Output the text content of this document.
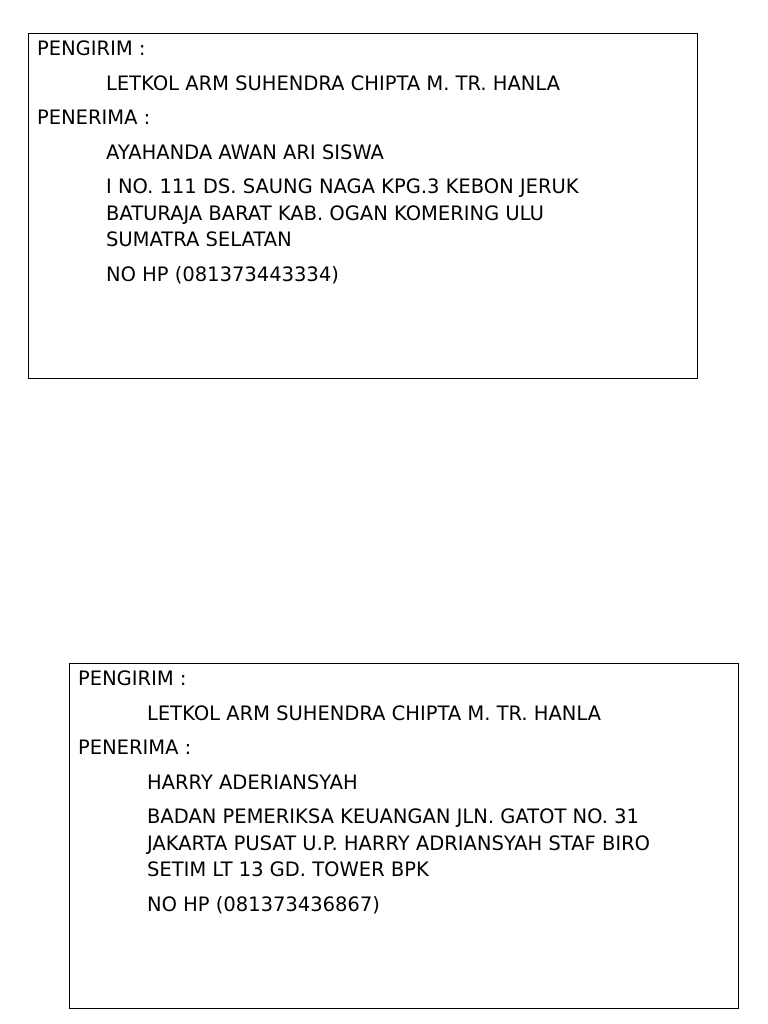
PENGIRIM :
LETKOL ARM SUHENDRA CHIPTA M. TR. HANLA
PENERIMA :
AYAHANDA AWAN ARI SISWA
I NO. 111 DS. SAUNG NAGA KPG.3 KEBON JERUK
BATURAJA BARAT KAB. OGAN KOMERING ULU
SUMATRA SELATAN
NO HP (081373443334)
PENGIRIM :
LETKOL ARM SUHENDRA CHIPTA M. TR. HANLA
PENERIMA :
HARRY ADERIANSYAH
BADAN PEMERIKSA KEUANGAN JLN. GATOT NO. 31
JAKARTA PUSAT U.P. HARRY ADRIANSYAH STAF BIRO
SETIM LT 13 GD. TOWER BPK
NO HP (081373436867)
